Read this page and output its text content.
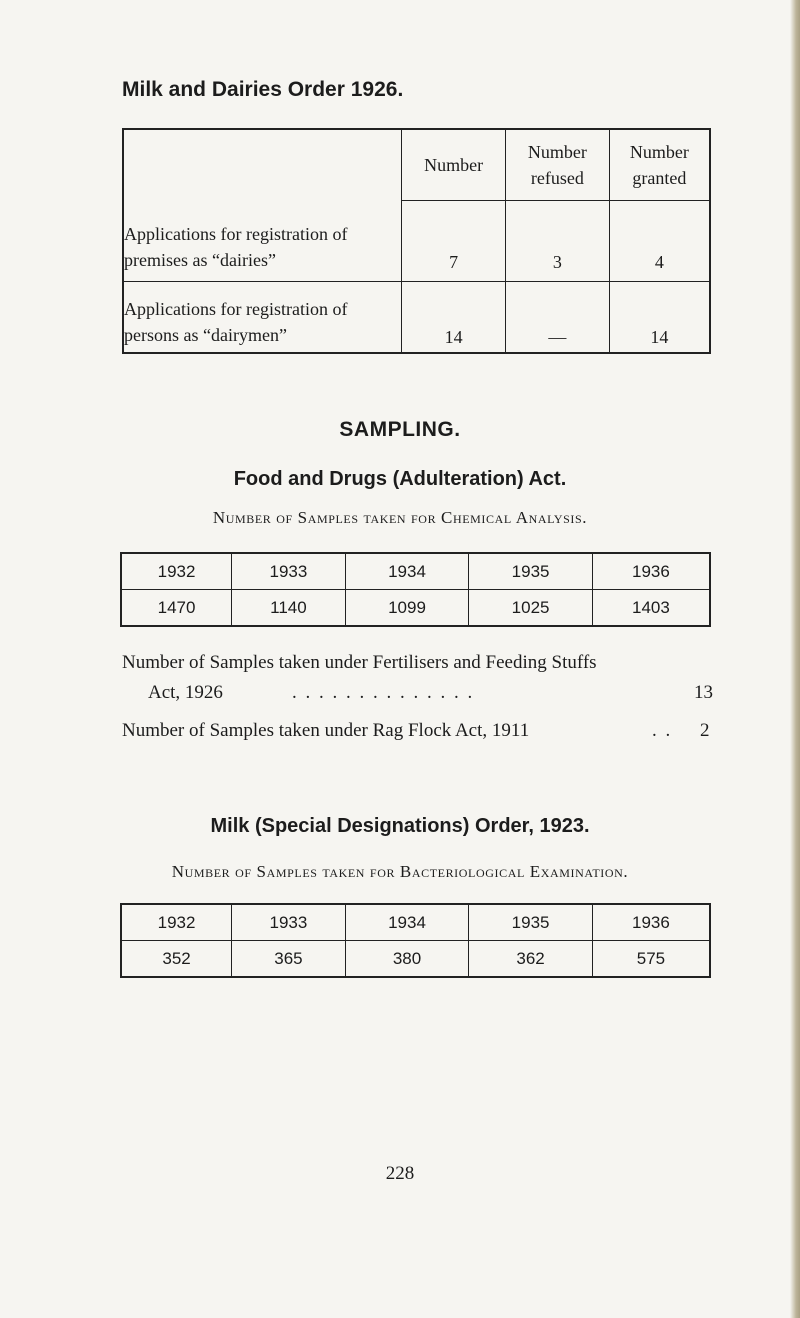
Milk and Dairies Order 1926.
	Number	Number refused	Number granted
Applications for registration of premises as “dairies”	7	3	4
Applications for registration of persons as “dairymen”	14	—	14
SAMPLING.
Food and Drugs (Adulteration) Act.

Number of Samples taken for Chemical Analysis.

1932	1933	1934	1935	1936
1470	1140	1099	1025	1403

Number of Samples taken under Fertilisers and Feeding Stuffs

Act, 1926	. . . . . . . . . . . . . .	13

Number of Samples taken under Rag Flock Act, 1911	. . 2

Milk (Special Designations) Order, 1923.

Number of Samples taken for Bacteriological Examination.

1932	1933	1934	1935	1936
352	365	380	362	575

228
